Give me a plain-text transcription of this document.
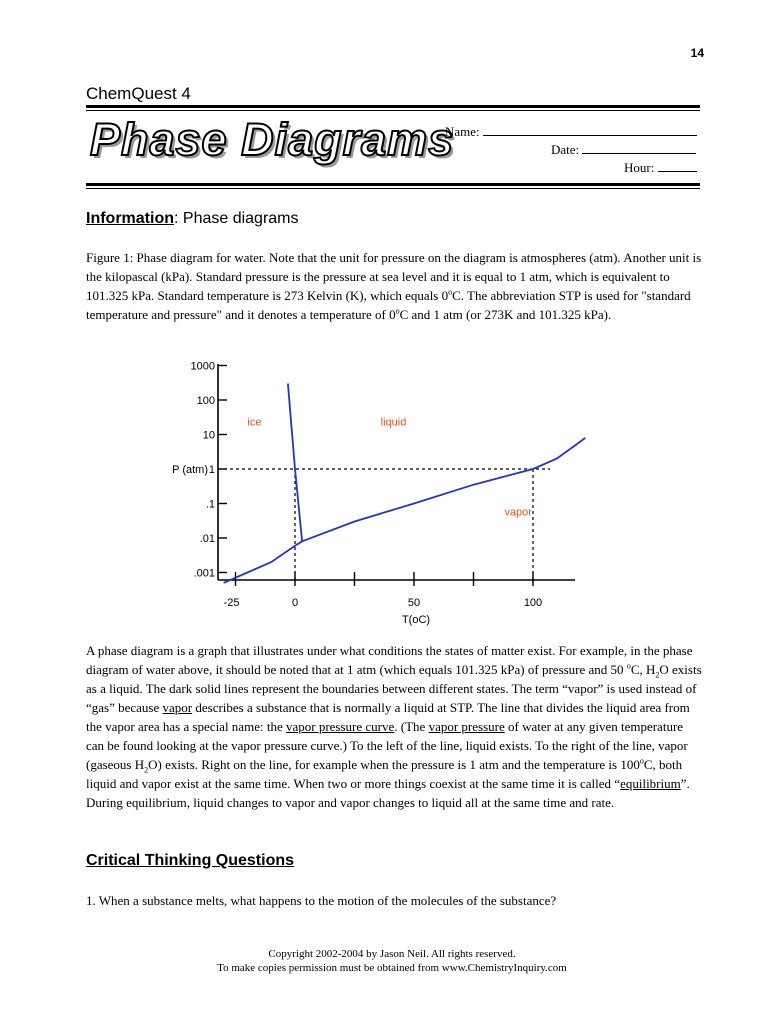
14
ChemQuest 4
Phase Diagrams
Name:
Date:
Hour:
Information: Phase diagrams
Figure 1: Phase diagram for water. Note that the unit for pressure on the diagram is atmospheres (atm). Another unit is the kilopascal (kPa). Standard pressure is the pressure at sea level and it is equal to 1 atm, which is equivalent to 101.325 kPa. Standard temperature is 273 Kelvin (K), which equals 0$^o$C. The abbreviation STP is used for "standard temperature and pressure" and it denotes a temperature of 0$^o$C and 1 atm (or 273K and 101.325 kPa).
1000
100
10
1
.1
.01
.001
-25	0	50	100
P (atm)
T(oC)
ice	liquid
vapor
A phase diagram is a graph that illustrates under what conditions the states of matter exist. For example, in the phase diagram of water above, it should be noted that at 1 atm (which equals 101.325 kPa) of pressure and 50 $^o$C, $H_2O$ exists as a liquid. The dark solid lines represent the boundaries between different states. The term “vapor” is used instead of “gas” because vapor describes a substance that is normally a liquid at STP. The line that divides the liquid area from the vapor area has a special name: the vapor pressure curve. (The vapor pressure of water at any given temperature can be found looking at the vapor pressure curve.) To the left of the line, liquid exists. To the right of the line, vapor (gaseous $H_2O$) exists. Right on the line, for example when the pressure is 1 atm and the temperature is 100$^o$C, both liquid and vapor exist at the same time. When two or more things coexist at the same time it is called “equilibrium”. During equilibrium, liquid changes to vapor and vapor changes to liquid all at the same time and rate.
Critical Thinking Questions
1. When a substance melts, what happens to the motion of the molecules of the substance?
Copyright 2002-2004 by Jason Neil. All rights reserved.
To make copies permission must be obtained from www.ChemistryInquiry.com
